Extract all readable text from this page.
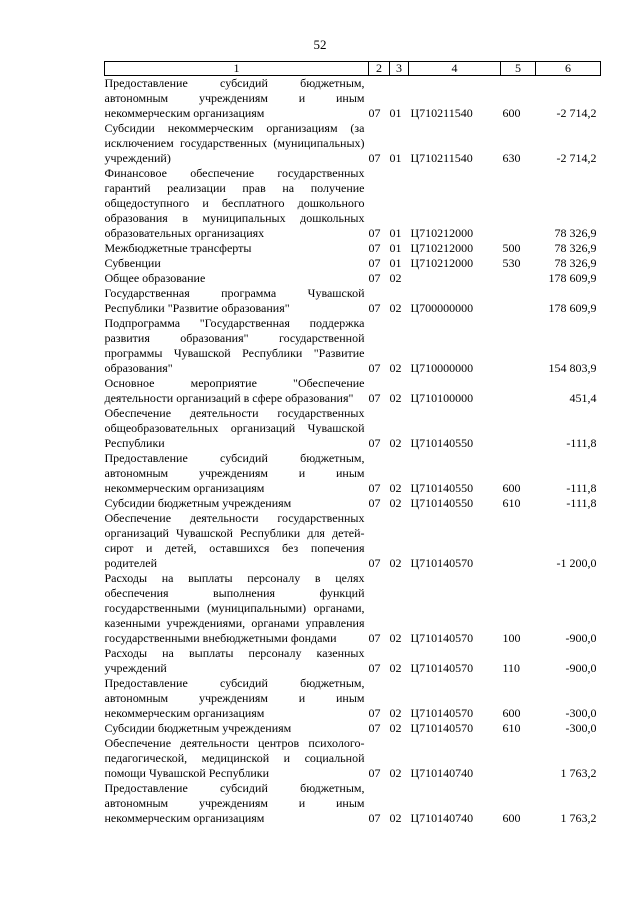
52
1	2	3	4	5	6
Предоставление субсидий бюджетным, автономным учреждениям и иным некоммерческим организациям	07	01	Ц710211540	600	-2 714,2
Субсидии некоммерческим организациям (за исключением государственных (муниципальных) учреждений)	07	01	Ц710211540	630	-2 714,2
Финансовое обеспечение государственных гарантий реализации прав на получение общедоступного и бесплатного дошкольного образования в муниципальных дошкольных образовательных организациях	07	01	Ц710212000		78 326,9
Межбюджетные трансферты	07	01	Ц710212000	500	78 326,9
Субвенции	07	01	Ц710212000	530	78 326,9
Общее образование	07	02			178 609,9
Государственная программа Чувашской Республики "Развитие образования"	07	02	Ц700000000		178 609,9
Подпрограмма "Государственная поддержка развития образования" государственной программы Чувашской Республики "Развитие образования"	07	02	Ц710000000		154 803,9
Основное мероприятие "Обеспечение деятельности организаций в сфере образования"	07	02	Ц710100000		451,4
Обеспечение деятельности государственных общеобразовательных организаций Чувашской Республики	07	02	Ц710140550		-111,8
Предоставление субсидий бюджетным, автономным учреждениям и иным некоммерческим организациям	07	02	Ц710140550	600	-111,8
Субсидии бюджетным учреждениям	07	02	Ц710140550	610	-111,8
Обеспечение деятельности государственных организаций Чувашской Республики для детей-сирот и детей, оставшихся без попечения родителей	07	02	Ц710140570		-1 200,0
Расходы на выплаты персоналу в целях обеспечения выполнения функций государственными (муниципальными) органами, казенными учреждениями, органами управления государственными внебюджетными фондами	07	02	Ц710140570	100	-900,0
Расходы на выплаты персоналу казенных учреждений	07	02	Ц710140570	110	-900,0
Предоставление субсидий бюджетным, автономным учреждениям и иным некоммерческим организациям	07	02	Ц710140570	600	-300,0
Субсидии бюджетным учреждениям	07	02	Ц710140570	610	-300,0
Обеспечение деятельности центров психолого-педагогической, медицинской и социальной помощи Чувашской Республики	07	02	Ц710140740		1 763,2
Предоставление субсидий бюджетным, автономным учреждениям и иным некоммерческим организациям	07	02	Ц710140740	600	1 763,2
